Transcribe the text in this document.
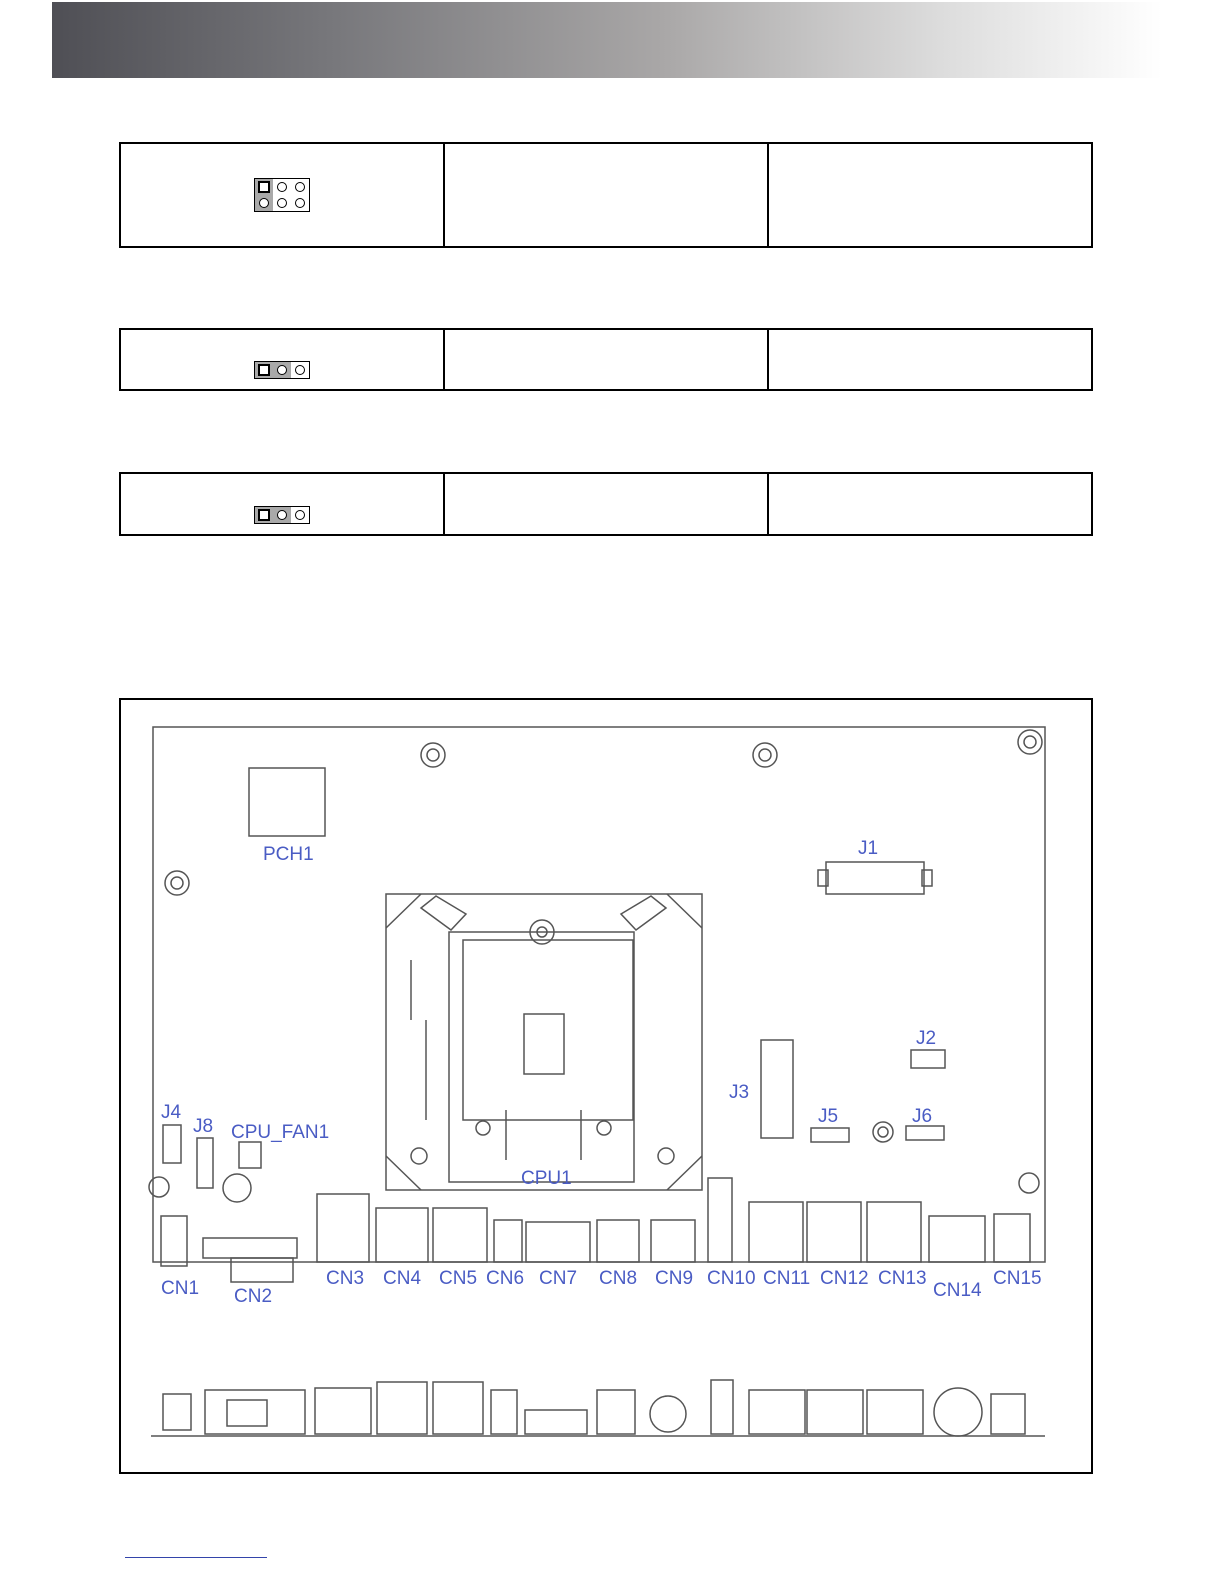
PCH1
CPU1
J1
J2
J3
J4	J5	J6
J8 CPU_FAN1
CN1 CN2
CN3 CN4 CN5 CN6 CN7 CN8 CN9 CN10 CN11 CN12 CN13
CN14
CN15
